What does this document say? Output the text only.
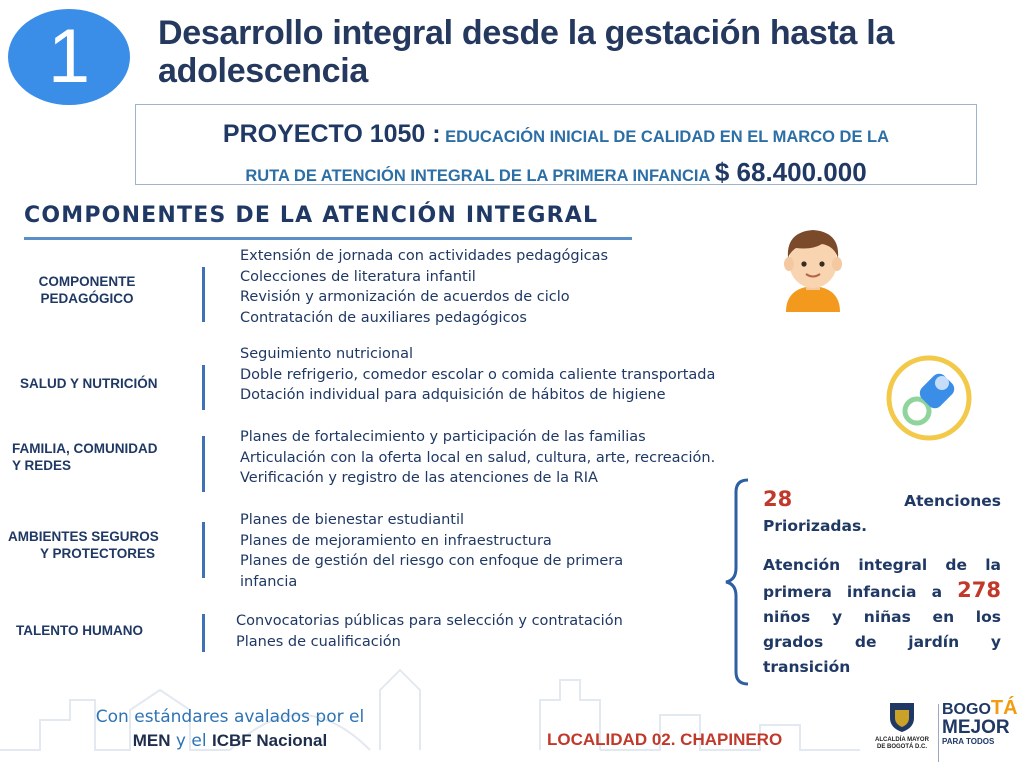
1	Desarrollo integral desde la gestación hasta la adolescencia
PROYECTO 1050 : EDUCACIÓN INICIAL DE CALIDAD EN EL MARCO DE LA
RUTA DE ATENCIÓN INTEGRAL DE LA PRIMERA INFANCIA $ 68.400.000
COMPONENTES DE LA ATENCIÓN INTEGRAL
COMPONENTE
PEDAGÓGICO
Extensión de jornada con actividades pedagógicas
Colecciones de literatura infantil
Revisión y armonización de acuerdos de ciclo
Contratación de auxiliares pedagógicos
SALUD Y NUTRICIÓN
Seguimiento nutricional
Doble refrigerio, comedor escolar o comida caliente transportada
Dotación individual para adquisición de hábitos de higiene
FAMILIA, COMUNIDAD
Y REDES
Planes de fortalecimiento y participación de las familias
Articulación con la oferta local en salud, cultura, arte, recreación.
Verificación y registro de las atenciones de la RIA
AMBIENTES SEGUROS
Y PROTECTORES
Planes de bienestar estudiantil
Planes de mejoramiento en infraestructura
Planes de gestión del riesgo con enfoque de primera
infancia
TALENTO HUMANO
Convocatorias públicas para selección y contratación
Planes de cualificación
28	Atenciones Priorizadas.
Atención integral de la primera infancia a 278 niños y niñas en los grados de jardín y transición
Con estándares avalados por el
MEN y el ICBF Nacional	LOCALIDAD 02. CHAPINERO	ALCALDÍA MAYOR
DE BOGOTÁ D.C.
BOGOTÁ
MEJOR
PARA TODOS
